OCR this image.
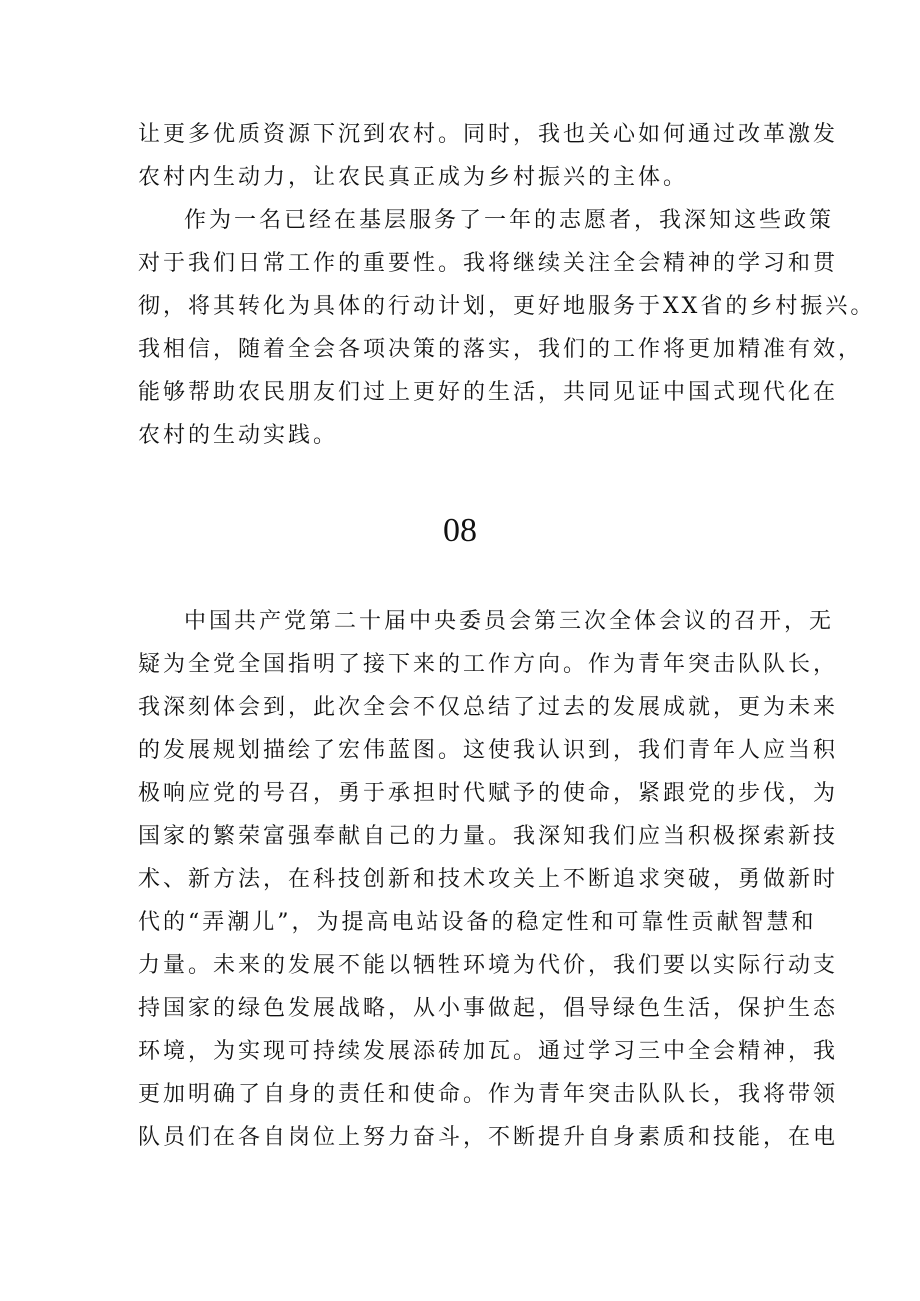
让更多优质资源下沉到农村。同时，我也关心如何通过改革激发
农村内生动力，让农民真正成为乡村振兴的主体。
作为一名已经在基层服务了一年的志愿者，我深知这些政策
对于我们日常工作的重要性。我将继续关注全会精神的学习和贯
彻，将其转化为具体的行动计划，更好地服务于XX省的乡村振兴。
我相信，随着全会各项决策的落实，我们的工作将更加精准有效，
能够帮助农民朋友们过上更好的生活，共同见证中国式现代化在
农村的生动实践。
08
中国共产党第二十届中央委员会第三次全体会议的召开，无
疑为全党全国指明了接下来的工作方向。作为青年突击队队长，
我深刻体会到，此次全会不仅总结了过去的发展成就，更为未来
的发展规划描绘了宏伟蓝图。这使我认识到，我们青年人应当积
极响应党的号召，勇于承担时代赋予的使命，紧跟党的步伐，为
国家的繁荣富强奉献自己的力量。我深知我们应当积极探索新技
术、新方法，在科技创新和技术攻关上不断追求突破，勇做新时
代的“弄潮儿”，为提高电站设备的稳定性和可靠性贡献智慧和
力量。未来的发展不能以牺牲环境为代价，我们要以实际行动支
持国家的绿色发展战略，从小事做起，倡导绿色生活，保护生态
环境，为实现可持续发展添砖加瓦。通过学习三中全会精神，我
更加明确了自身的责任和使命。作为青年突击队队长，我将带领
队员们在各自岗位上努力奋斗，不断提升自身素质和技能，在电
